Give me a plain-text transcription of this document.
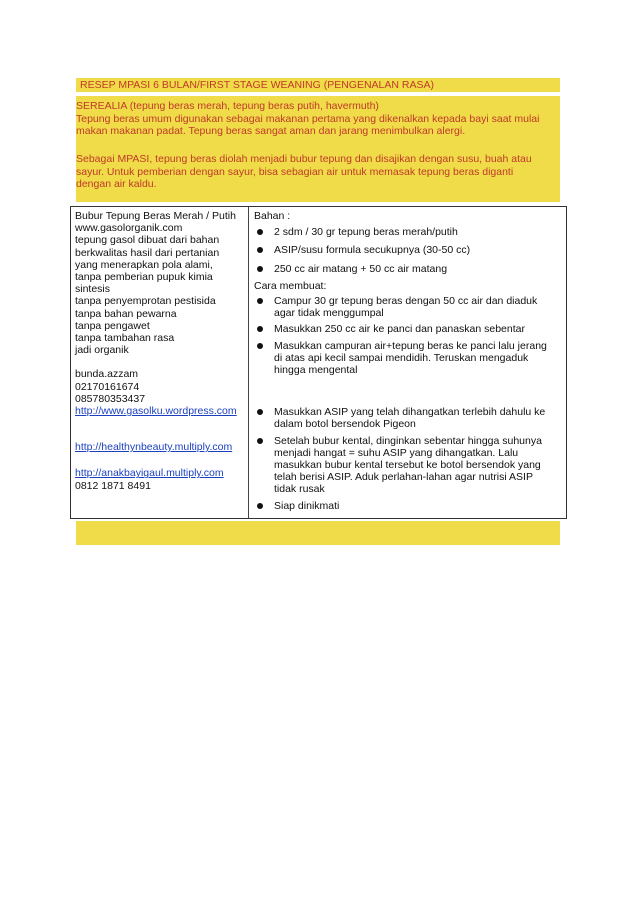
RESEP MPASI 6 BULAN/FIRST STAGE WEANING (PENGENALAN RASA)

SEREALIA (tepung beras merah, tepung beras putih, havermuth)
Tepung beras umum digunakan sebagai makanan pertama yang dikenalkan kepada bayi saat mulai
makan makanan padat. Tepung beras sangat aman dan jarang menimbulkan alergi.

Sebagai MPASI, tepung beras diolah menjadi bubur tepung dan disajikan dengan susu, buah atau
sayur. Untuk pemberian dengan sayur, bisa sebagian air untuk memasak tepung beras diganti
dengan air kaldu.

Bubur Tepung Beras Merah / Putih
www.gasolorganik.com
tepung gasol dibuat dari bahan
berkwalitas hasil dari pertanian
yang menerapkan pola alami,
tanpa pemberian pupuk kimia
sintesis
tanpa penyemprotan pestisida
tanpa bahan pewarna
tanpa pengawet
tanpa tambahan rasa
jadi organik
bunda.azzam
02170161674
085780353437
http://www.gasolku.wordpress.com
http://healthynbeauty.multiply.com
http://anakbayigaul.multiply.com
0812 1871 8491
Bahan :
2 sdm / 30 gr tepung beras merah/putih
ASIP/susu formula secukupnya (30-50 cc)
250 cc air matang + 50 cc air matang
Cara membuat:
Campur 30 gr tepung beras dengan 50 cc air dan diaduk
agar tidak menggumpal
Masukkan 250 cc air ke panci dan panaskan sebentar
Masukkan campuran air+tepung beras ke panci lalu jerang
di atas api kecil sampai mendidih. Teruskan mengaduk
hingga mengental
Masukkan ASIP yang telah dihangatkan terlebih dahulu ke
dalam botol bersendok Pigeon
Setelah bubur kental, dinginkan sebentar hingga suhunya
menjadi hangat = suhu ASIP yang dihangatkan. Lalu
masukkan bubur kental tersebut ke botol bersendok yang
telah berisi ASIP. Aduk perlahan-lahan agar nutrisi ASIP
tidak rusak
Siap dinikmati
